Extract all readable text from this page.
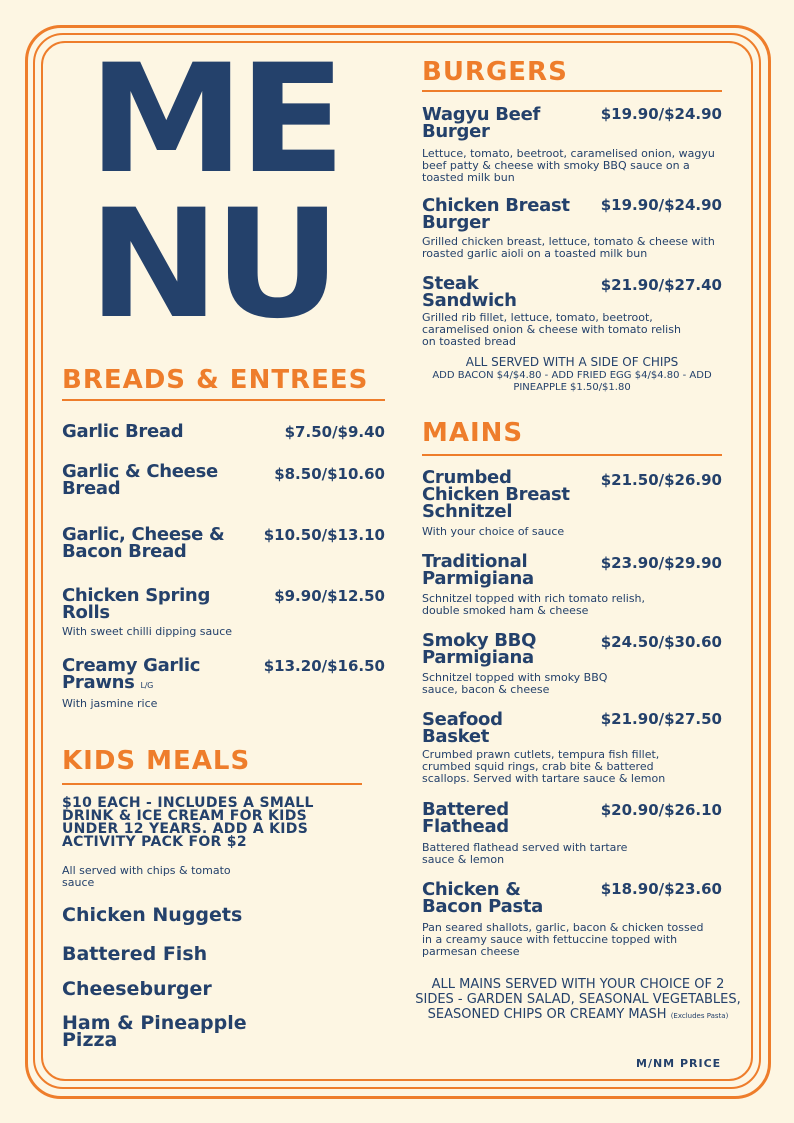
ME
NU
BREADS & ENTREES
Garlic Bread	$7.50/$9.40
Garlic & Cheese Bread
$8.50/$10.60
Garlic, Cheese & Bacon Bread
$10.50/$13.10
Chicken Spring Rolls
$9.90/$12.50
With sweet chilli dipping sauce
Creamy Garlic Prawns L/G
$13.20/$16.50
With jasmine rice
KIDS MEALS
$10 EACH - INCLUDES A SMALL DRINK & ICE CREAM FOR KIDS UNDER 12 YEARS. ADD A KIDS ACTIVITY PACK FOR $2
All served with chips & tomato sauce
Chicken Nuggets
Battered Fish
Cheeseburger
Ham & Pineapple Pizza
BURGERS
Wagyu Beef Burger
$19.90/$24.90
Lettuce, tomato, beetroot, caramelised onion, wagyu beef patty & cheese with smoky BBQ sauce on a toasted milk bun
Chicken Breast Burger
$19.90/$24.90
Grilled chicken breast, lettuce, tomato & cheese with roasted garlic aioli on a toasted milk bun
Steak Sandwich
$21.90/$27.40
Grilled rib fillet, lettuce, tomato, beetroot, caramelised onion & cheese with tomato relish on toasted bread
ALL SERVED WITH A SIDE OF CHIPS
ADD BACON $4/$4.80 - ADD FRIED EGG $4/$4.80 - ADD PINEAPPLE $1.50/$1.80
MAINS
Crumbed Chicken Breast Schnitzel
$21.50/$26.90
With your choice of sauce
Traditional Parmigiana
$23.90/$29.90
Schnitzel topped with rich tomato relish, double smoked ham & cheese
Smoky BBQ Parmigiana
$24.50/$30.60
Schnitzel topped with smoky BBQ sauce, bacon & cheese
Seafood Basket
$21.90/$27.50
Crumbed prawn cutlets, tempura fish fillet, crumbed squid rings, crab bite & battered scallops. Served with tartare sauce & lemon
Battered Flathead
$20.90/$26.10
Battered flathead served with tartare sauce & lemon
Chicken & Bacon Pasta
$18.90/$23.60
Pan seared shallots, garlic, bacon & chicken tossed in a creamy sauce with fettuccine topped with parmesan cheese
ALL MAINS SERVED WITH YOUR CHOICE OF 2 SIDES - GARDEN SALAD, SEASONAL VEGETABLES, SEASONED CHIPS OR CREAMY MASH (Excludes Pasta)
M/NM PRICE
